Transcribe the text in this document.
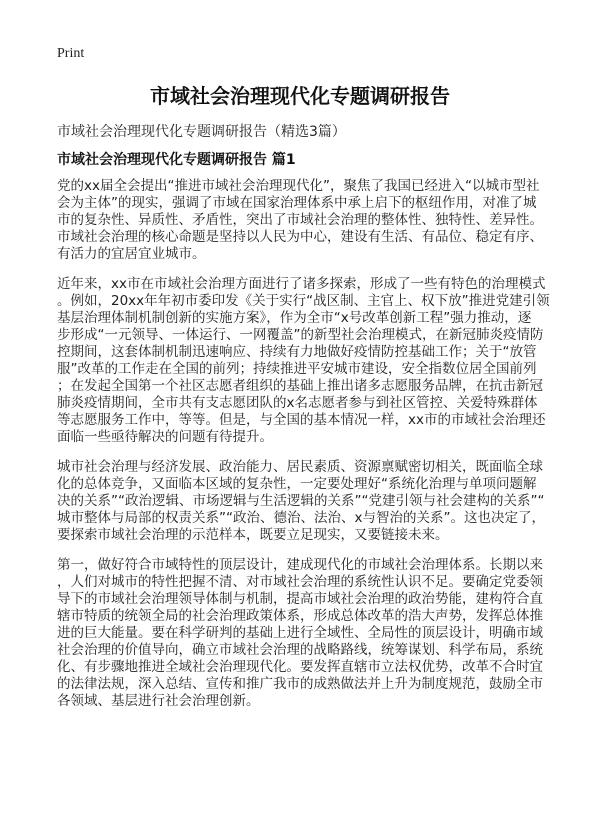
Print
市域社会治理现代化专题调研报告
市域社会治理现代化专题调研报告（精选3篇）
市域社会治理现代化专题调研报告 篇1
党的xx届全会提出“推进市域社会治理现代化”，聚焦了我国已经进入“以城市型社
会为主体”的现实，强调了市域在国家治理体系中承上启下的枢纽作用，对准了城
市的复杂性、异质性、矛盾性，突出了市域社会治理的整体性、独特性、差异性。
市域社会治理的核心命题是坚持以人民为中心，建设有生活、有品位、稳定有序、
有活力的宜居宜业城市。
近年来，xx市在市域社会治理方面进行了诸多探索，形成了一些有特色的治理模式
。例如，20xx年年初市委印发《关于实行“战区制、主官上、权下放”推进党建引领
基层治理体制机制创新的实施方案》，作为全市“x号改革创新工程”强力推动，逐
步形成“一元领导、一体运行、一网覆盖”的新型社会治理模式，在新冠肺炎疫情防
控期间，这套体制机制迅速响应、持续有力地做好疫情防控基础工作；关于“放管
服”改革的工作走在全国的前列；持续推进平安城市建设，安全指数位居全国前列
；在发起全国第一个社区志愿者组织的基础上推出诸多志愿服务品牌，在抗击新冠
肺炎疫情期间，全市共有支志愿团队的x名志愿者参与到社区管控、关爱特殊群体
等志愿服务工作中，等等。但是，与全国的基本情况一样，xx市的市域社会治理还
面临一些亟待解决的问题有待提升。
城市社会治理与经济发展、政治能力、居民素质、资源禀赋密切相关，既面临全球
化的总体竞争，又面临本区域的复杂性，一定要处理好“系统化治理与单项问题解
决的关系”“政治逻辑、市场逻辑与生活逻辑的关系”“党建引领与社会建构的关系”“
城市整体与局部的权责关系”“政治、德治、法治、x与智治的关系”。这也决定了，
要探索市域社会治理的示范样本，既要立足现实，又要链接未来。
第一，做好符合市域特性的顶层设计，建成现代化的市域社会治理体系。长期以来
，人们对城市的特性把握不清、对市域社会治理的系统性认识不足。要确定党委领
导下的市域社会治理领导体制与机制，提高市域社会治理的政治势能，建构符合直
辖市特质的统领全局的社会治理政策体系，形成总体改革的浩大声势，发挥总体推
进的巨大能量。要在科学研判的基础上进行全域性、全局性的顶层设计，明确市域
社会治理的价值导向，确立市域社会治理的战略路线，统筹谋划、科学布局，系统
化、有步骤地推进全域社会治理现代化。要发挥直辖市立法权优势，改革不合时宜
的法律法规，深入总结、宣传和推广我市的成熟做法并上升为制度规范，鼓励全市
各领域、基层进行社会治理创新。
